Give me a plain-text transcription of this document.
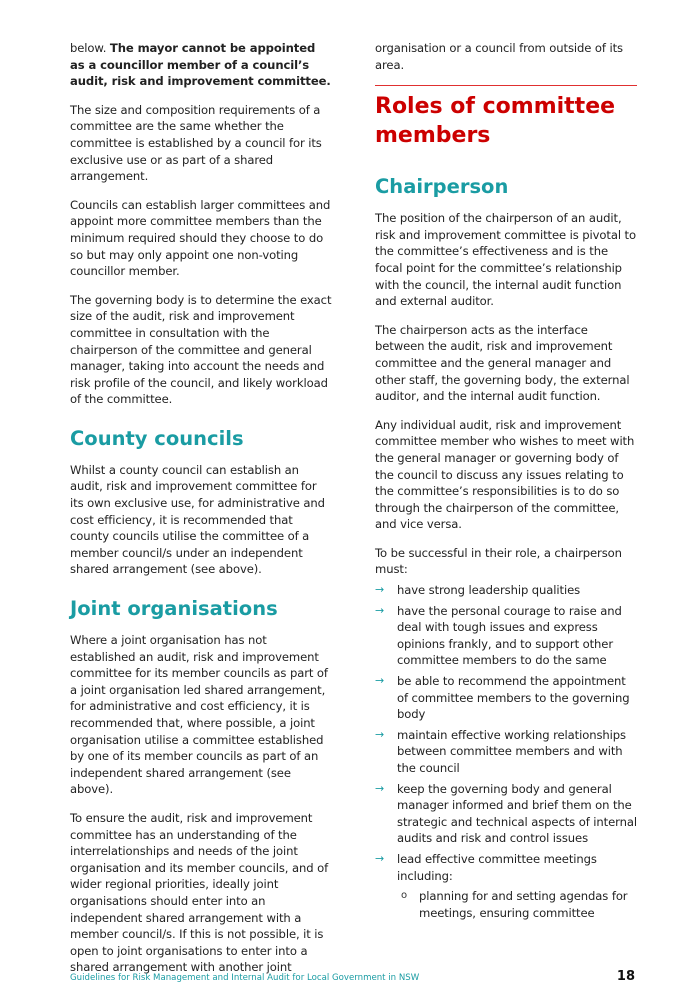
below. The mayor cannot be appointed as a councillor member of a council’s audit, risk and improvement committee.

The size and composition requirements of a committee are the same whether the committee is established by a council for its exclusive use or as part of a shared arrangement.

Councils can establish larger committees and appoint more committee members than the minimum required should they choose to do so but may only appoint one non-voting councillor member.

The governing body is to determine the exact size of the audit, risk and improvement committee in consultation with the chairperson of the committee and general manager, taking into account the needs and risk profile of the council, and likely workload of the committee.

County councils

Whilst a county council can establish an audit, risk and improvement committee for its own exclusive use, for administrative and cost efficiency, it is recommended that county councils utilise the committee of a member council/s under an independent shared arrangement (see above).

Joint organisations

Where a joint organisation has not established an audit, risk and improvement committee for its member councils as part of a joint organisation led shared arrangement, for administrative and cost efficiency, it is recommended that, where possible, a joint organisation utilise a committee established by one of its member councils as part of an independent shared arrangement (see above).

To ensure the audit, risk and improvement committee has an understanding of the interrelationships and needs of the joint organisation and its member councils, and of wider regional priorities, ideally joint organisations should enter into an independent shared arrangement with a member council/s. If this is not possible, it is open to joint organisations to enter into a shared arrangement with another joint

organisation or a council from outside of its area.

Roles of committee members
Chairperson

The position of the chairperson of an audit, risk and improvement committee is pivotal to the committee’s effectiveness and is the focal point for the committee’s relationship with the council, the internal audit function and external auditor.

The chairperson acts as the interface between the audit, risk and improvement committee and the general manager and other staff, the governing body, the external auditor, and the internal audit function.

Any individual audit, risk and improvement committee member who wishes to meet with the general manager or governing body of the council to discuss any issues relating to the committee’s responsibilities is to do so through the chairperson of the committee, and vice versa.

To be successful in their role, a chairperson must:

→ have strong leadership qualities
→ have the personal courage to raise and deal with tough issues and express opinions frankly, and to support other committee members to do the same
→ be able to recommend the appointment of committee members to the governing body
→ maintain effective working relationships between committee members and with the council
→ keep the governing body and general manager informed and brief them on the strategic and technical aspects of internal audits and risk and control issues
→ lead effective committee meetings including:
o planning for and setting agendas for meetings, ensuring committee
Guidelines for Risk Management and Internal Audit for Local Government in NSW	18
